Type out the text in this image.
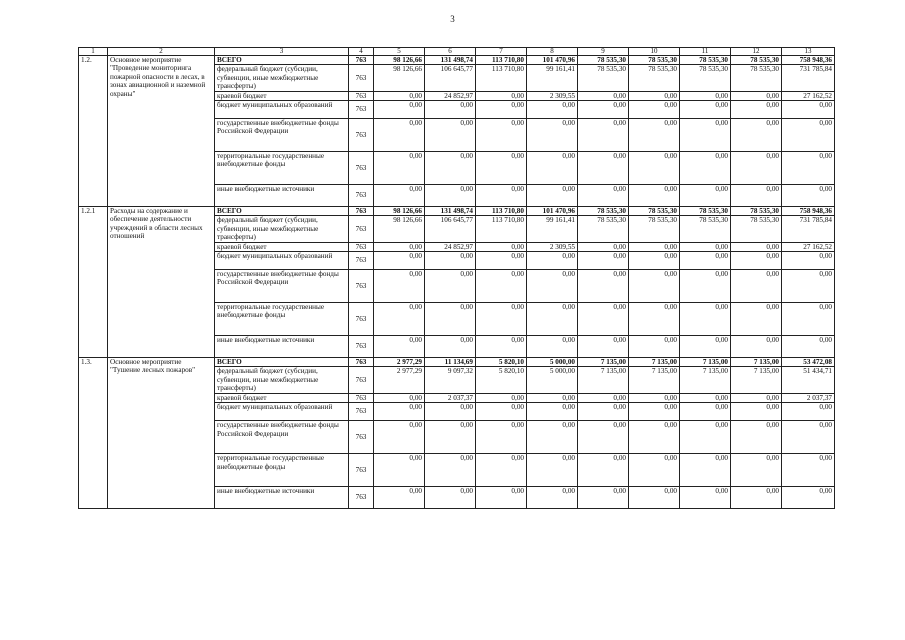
3
1	2	3	4	5	6	7	8	9	10	11	12	13
1.2.	Основное мероприятие "Проведение мониторинга пожарной опасности в лесах, в зонах авиационной и наземной охраны"	ВСЕГО	763	98 126,66	131 498,74	113 710,80	101 470,96	78 535,30	78 535,30	78 535,30	78 535,30	758 948,36
		федеральный бюджет (субсидии, субвенции, иные межбюджетные трансферты)	763	98 126,66	106 645,77	113 710,80	99 161,41	78 535,30	78 535,30	78 535,30	78 535,30	731 785,84
		краевой бюджет	763	0,00	24 852,97	0,00	2 309,55	0,00	0,00	0,00	0,00	27 162,52
		бюджет муниципальных образований	763	0,00	0,00	0,00	0,00	0,00	0,00	0,00	0,00	0,00
		государственные внебюджетные фонды Российской Федерации	763	0,00	0,00	0,00	0,00	0,00	0,00	0,00	0,00	0,00
		территориальные государственные внебюджетные фонды	763	0,00	0,00	0,00	0,00	0,00	0,00	0,00	0,00	0,00
		иные внебюджетные источники	763	0,00	0,00	0,00	0,00	0,00	0,00	0,00	0,00	0,00
1.2.1	Расходы на содержание и обеспечение деятельности учреждений в области лесных отношений	ВСЕГО	763	98 126,66	131 498,74	113 710,80	101 470,96	78 535,30	78 535,30	78 535,30	78 535,30	758 948,36
		федеральный бюджет (субсидии, субвенции, иные межбюджетные трансферты)	763	98 126,66	106 645,77	113 710,80	99 161,41	78 535,30	78 535,30	78 535,30	78 535,30	731 785,84
		краевой бюджет	763	0,00	24 852,97	0,00	2 309,55	0,00	0,00	0,00	0,00	27 162,52
		бюджет муниципальных образований	763	0,00	0,00	0,00	0,00	0,00	0,00	0,00	0,00	0,00
		государственные внебюджетные фонды Российской Федерации	763	0,00	0,00	0,00	0,00	0,00	0,00	0,00	0,00	0,00
		территориальные государственные внебюджетные фонды	763	0,00	0,00	0,00	0,00	0,00	0,00	0,00	0,00	0,00
		иные внебюджетные источники	763	0,00	0,00	0,00	0,00	0,00	0,00	0,00	0,00	0,00
1.3.	Основное мероприятие "Тушение лесных пожаров"	ВСЕГО	763	2 977,29	11 134,69	5 820,10	5 000,00	7 135,00	7 135,00	7 135,00	7 135,00	53 472,08
		федеральный бюджет (субсидии, субвенции, иные межбюджетные трансферты)	763	2 977,29	9 097,32	5 820,10	5 000,00	7 135,00	7 135,00	7 135,00	7 135,00	51 434,71
		краевой бюджет	763	0,00	2 037,37	0,00	0,00	0,00	0,00	0,00	0,00	2 037,37
		бюджет муниципальных образований	763	0,00	0,00	0,00	0,00	0,00	0,00	0,00	0,00	0,00
		государственные внебюджетные фонды Российской Федерации	763	0,00	0,00	0,00	0,00	0,00	0,00	0,00	0,00	0,00
		территориальные государственные внебюджетные фонды	763	0,00	0,00	0,00	0,00	0,00	0,00	0,00	0,00	0,00
		иные внебюджетные источники	763	0,00	0,00	0,00	0,00	0,00	0,00	0,00	0,00	0,00
